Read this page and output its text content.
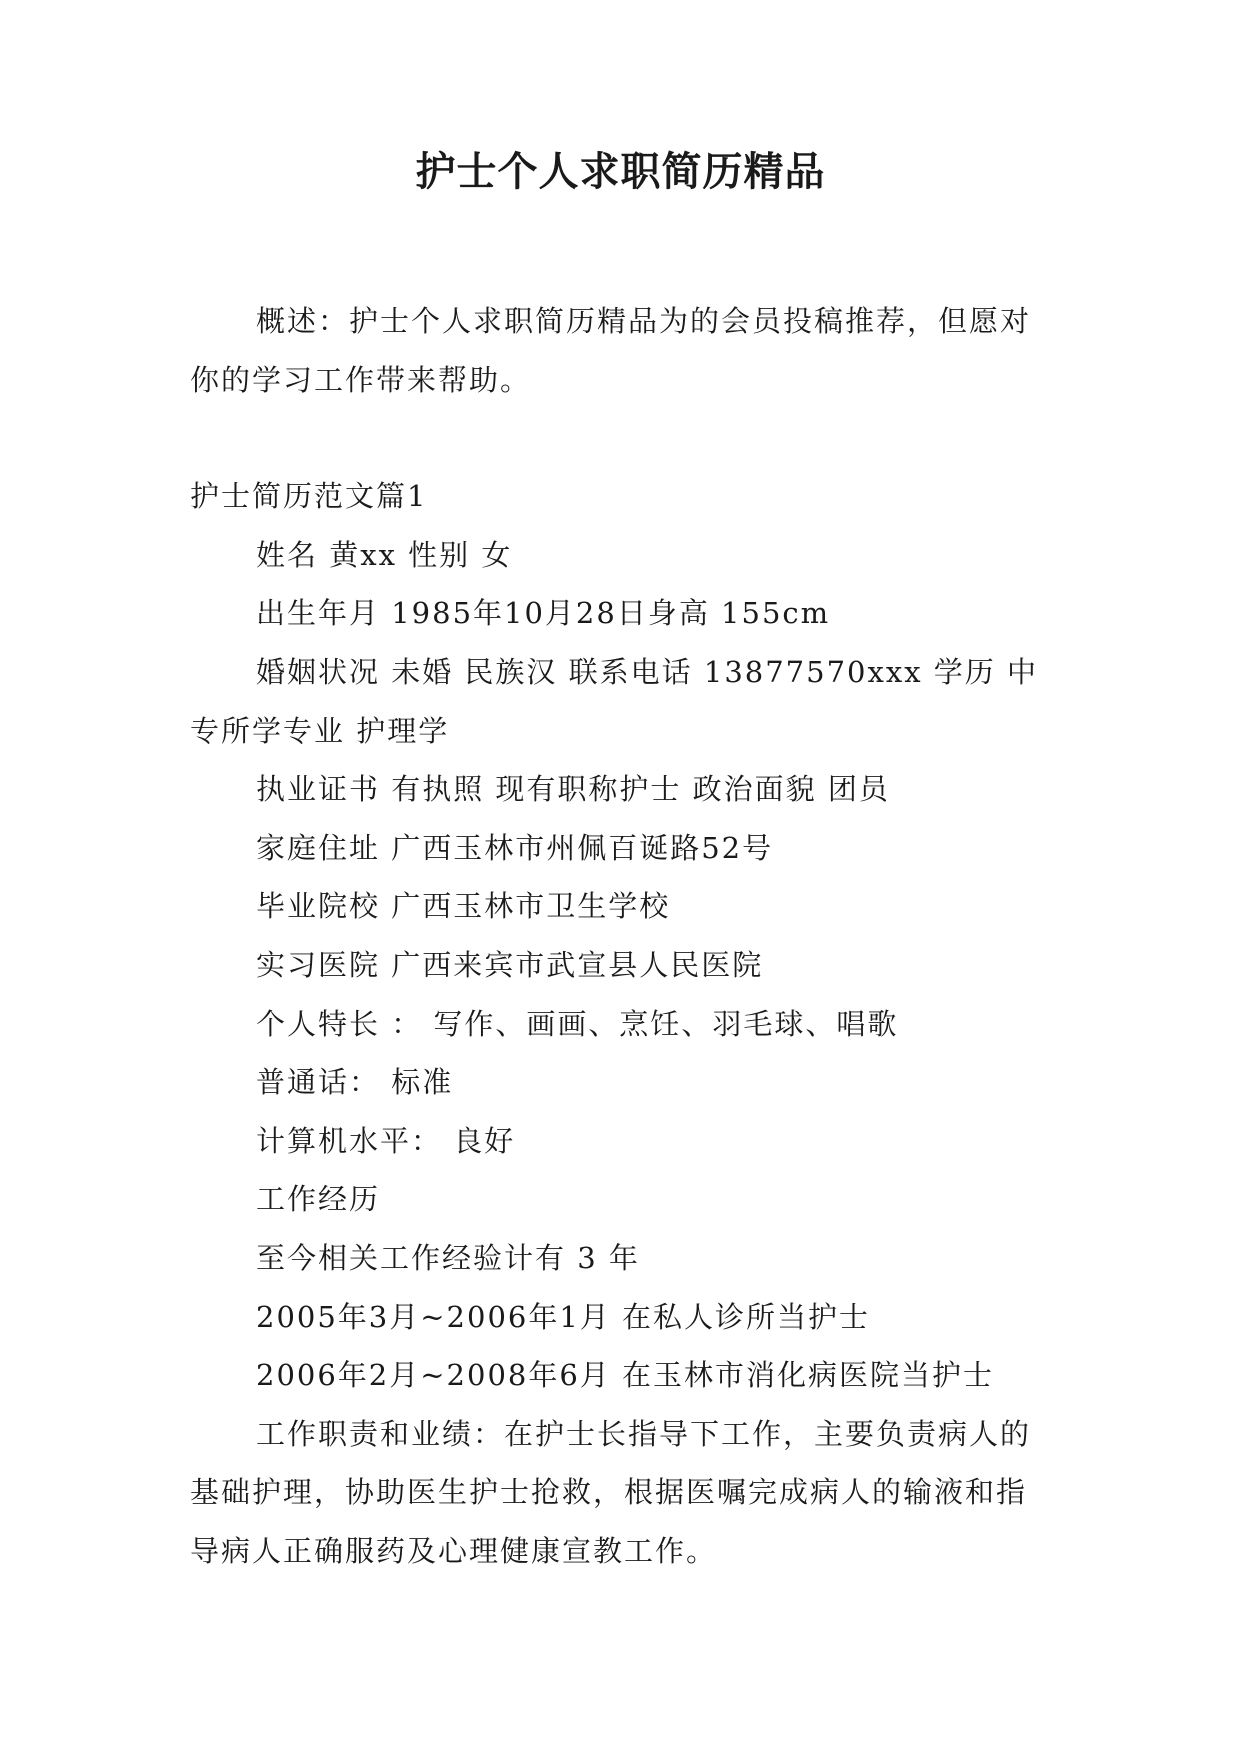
护士个人求职简历精品

概述：护士个人求职简历精品为的会员投稿推荐，但愿对你的学习工作带来帮助。

护士简历范文篇1

姓名 黄xx 性别 女

出生年月 1985年10月28日身高 155cm

婚姻状况 未婚 民族汉 联系电话 13877570xxx 学历 中专所学专业 护理学

执业证书 有执照 现有职称护士 政治面貌 团员

家庭住址 广西玉林市州佩百诞路52号

毕业院校 广西玉林市卫生学校

实习医院 广西来宾市武宣县人民医院

个人特长 ： 写作、画画、烹饪、羽毛球、唱歌

普通话： 标准

计算机水平： 良好

工作经历

至今相关工作经验计有 3 年

2005年3月~2006年1月 在私人诊所当护士

2006年2月~2008年6月 在玉林市消化病医院当护士

工作职责和业绩：在护士长指导下工作，主要负责病人的基础护理，协助医生护士抢救，根据医嘱完成病人的输液和指导病人正确服药及心理健康宣教工作。
